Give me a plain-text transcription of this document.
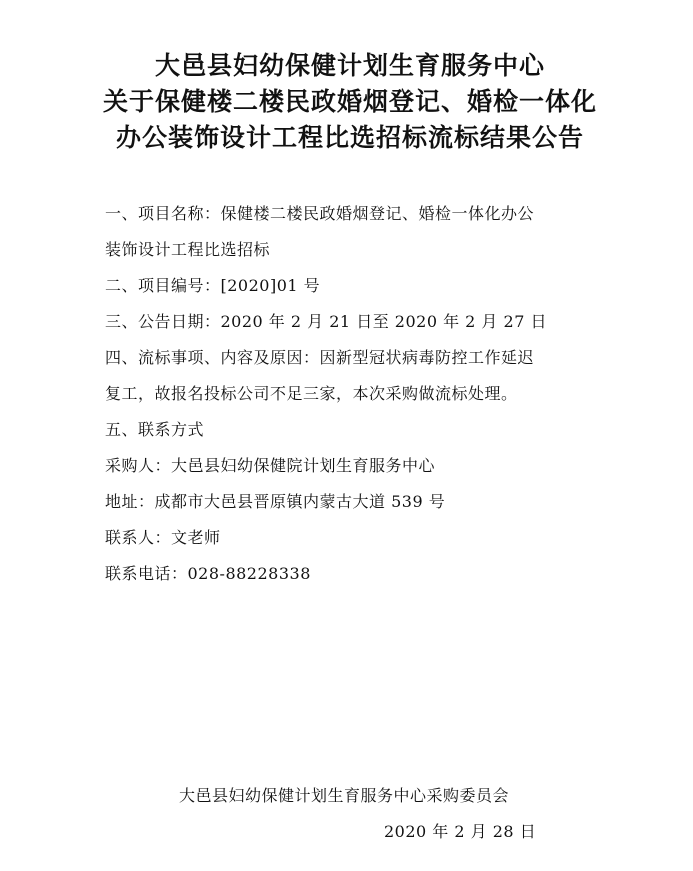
大邑县妇幼保健计划生育服务中心
关于保健楼二楼民政婚烟登记、婚检一体化
办公装饰设计工程比选招标流标结果公告
一、项目名称：保健楼二楼民政婚烟登记、婚检一体化办公
装饰设计工程比选招标
二、项目编号：[2020]01 号
三、公告日期：2020 年 2 月 21 日至 2020 年 2 月 27 日
四、流标事项、内容及原因：因新型冠状病毒防控工作延迟
复工，故报名投标公司不足三家，本次采购做流标处理。
五、联系方式
采购人：大邑县妇幼保健院计划生育服务中心
地址：成都市大邑县晋原镇内蒙古大道 539 号
联系人：文老师
联系电话：028-88228338
大邑县妇幼保健计划生育服务中心采购委员会
2020 年 2 月 28 日
